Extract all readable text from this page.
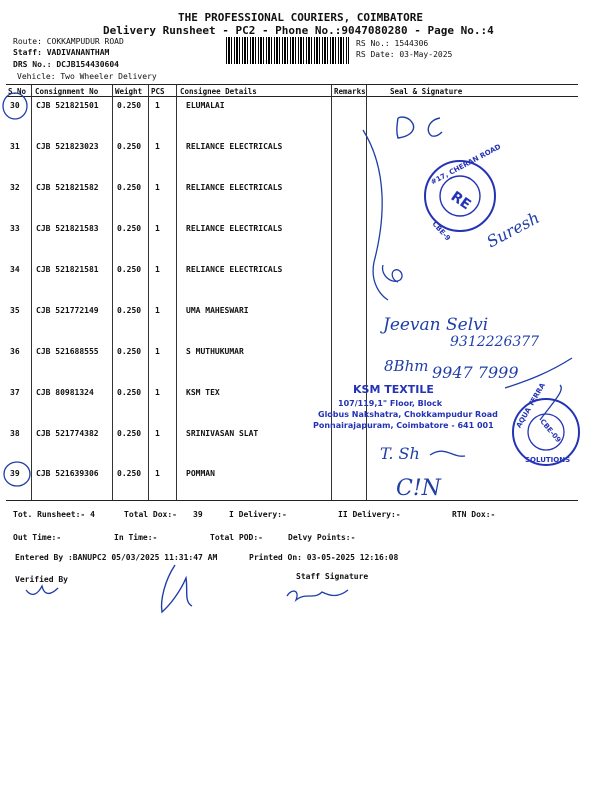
THE PROFESSIONAL COURIERS, COIMBATORE
Delivery Runsheet - PC2 - Phone No.:9047080280 - Page No.:4
Route: COKKAMPUDUR ROAD
Staff: VADIVANANTHAM
DRS No.: DCJB154430604
Vehicle: Two Wheeler Delivery
RS No.: 1544306
RS Date: 03-May-2025
S.No Consignment No Weight PCS Consignee Details	Remarks	Seal & Signature
30 CJB 521821501 0.250 1	ELUMALAI
31 CJB 521823023 0.250 1	RELIANCE ELECTRICALS
32 CJB 521821582 0.250 1	RELIANCE ELECTRICALS
33 CJB 521821583 0.250 1	RELIANCE ELECTRICALS
34 CJB 521821581 0.250 1	RELIANCE ELECTRICALS
35 CJB 521772149 0.250 1	UMA MAHESWARI
36 CJB 521688555 0.250 1	S MUTHUKUMAR
37 CJB 80981324	0.250 1	KSM TEX
38 CJB 521774382 0.250 1	SRINIVASAN SLAT
39 CJB 521639306 0.250 1	POMMAN
Tot. Runsheet:- 4	Total Dox:- 39	I Delivery:-	II Delivery:-	RTN Dox:-
Out Time:-	In Time:-	Total POD:-	Delvy Points:-
Entered By :BANUPC2 05/03/2025 11:31:47 AM	Printed On: 03-05-2025 12:16:08
Verified By	Staff Signature
#17, CHERAN ROAD
CBE-9
RE
KSM TEXTILE
107/119,1" Floor, Block
Globus Nakshatra, Chokkampudur Road
Ponnairajapuram, Coimbatore - 641 001	AQUA TERRA
CBE-09
SOLUTIONS
Suresh
Jeevan Selvi
9312226377
8Bhm 9947 7999
T. Sh
C!N
